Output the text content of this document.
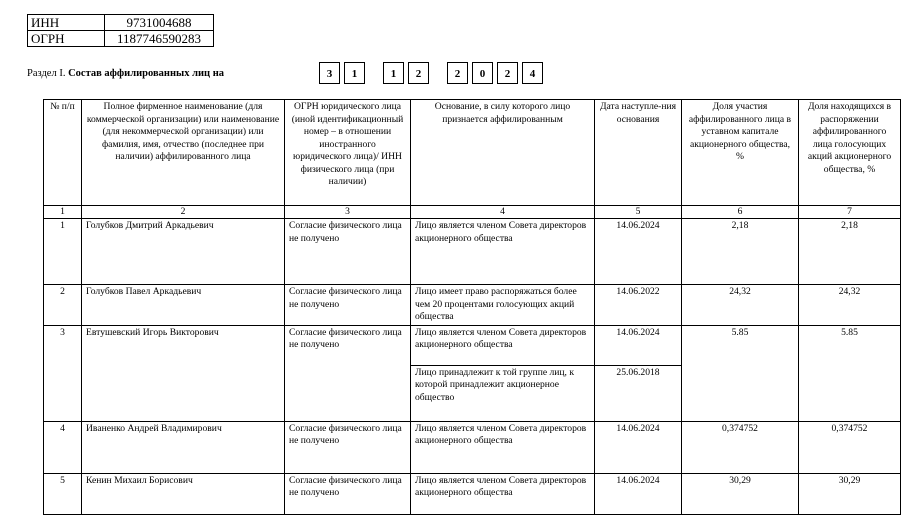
ИНН	9731004688
ОГРН	1187746590283
Раздел I. Состав аффилированных лиц на	3	1	1	2	2	0	2	4
№ п/п	Полное фирменное наименование (для коммерческой организации) или наименование (для некоммерческой организации) или фамилия, имя, отчество (последнее при наличии) аффилированного лица	ОГРН юридического лица (иной идентификационный номер – в отношении иностранного юридического лица)/ ИНН физического лица (при наличии)	Основание, в силу которого лицо признается аффилированным	Дата наступле-ния основания	Доля участия аффилированного лица в уставном капитале акционерного общества, %	Доля находящихся в распоряжении аффилированного лица голосующих акций акционерного общества, %
1	2	3	4	5	6	7
1	Голубков Дмитрий Аркадьевич	Согласие физического лица не получено	Лицо является членом Совета директоров акционерного общества	14.06.2024	2,18	2,18
2	Голубков Павел Аркадьевич	Согласие физического лица не получено	Лицо имеет право распоряжаться более чем 20 процентами голосующих акций общества	14.06.2022	24,32	24,32
3	Евтушевский Игорь Викторович	Согласие физического лица не получено	Лицо является членом Совета директоров акционерного общества	14.06.2024	5.85	5.85
			Лицо принадлежит к той группе лиц, к которой принадлежит акционерное общество	25.06.2018		
4	Иваненко Андрей Владимирович	Согласие физического лица не получено	Лицо является членом Совета директоров акционерного общества	14.06.2024	0,374752	0,374752
5	Кенин Михаил Борисович	Согласие физического лица не получено	Лицо является членом Совета директоров акционерного общества	14.06.2024	30,29	30,29
